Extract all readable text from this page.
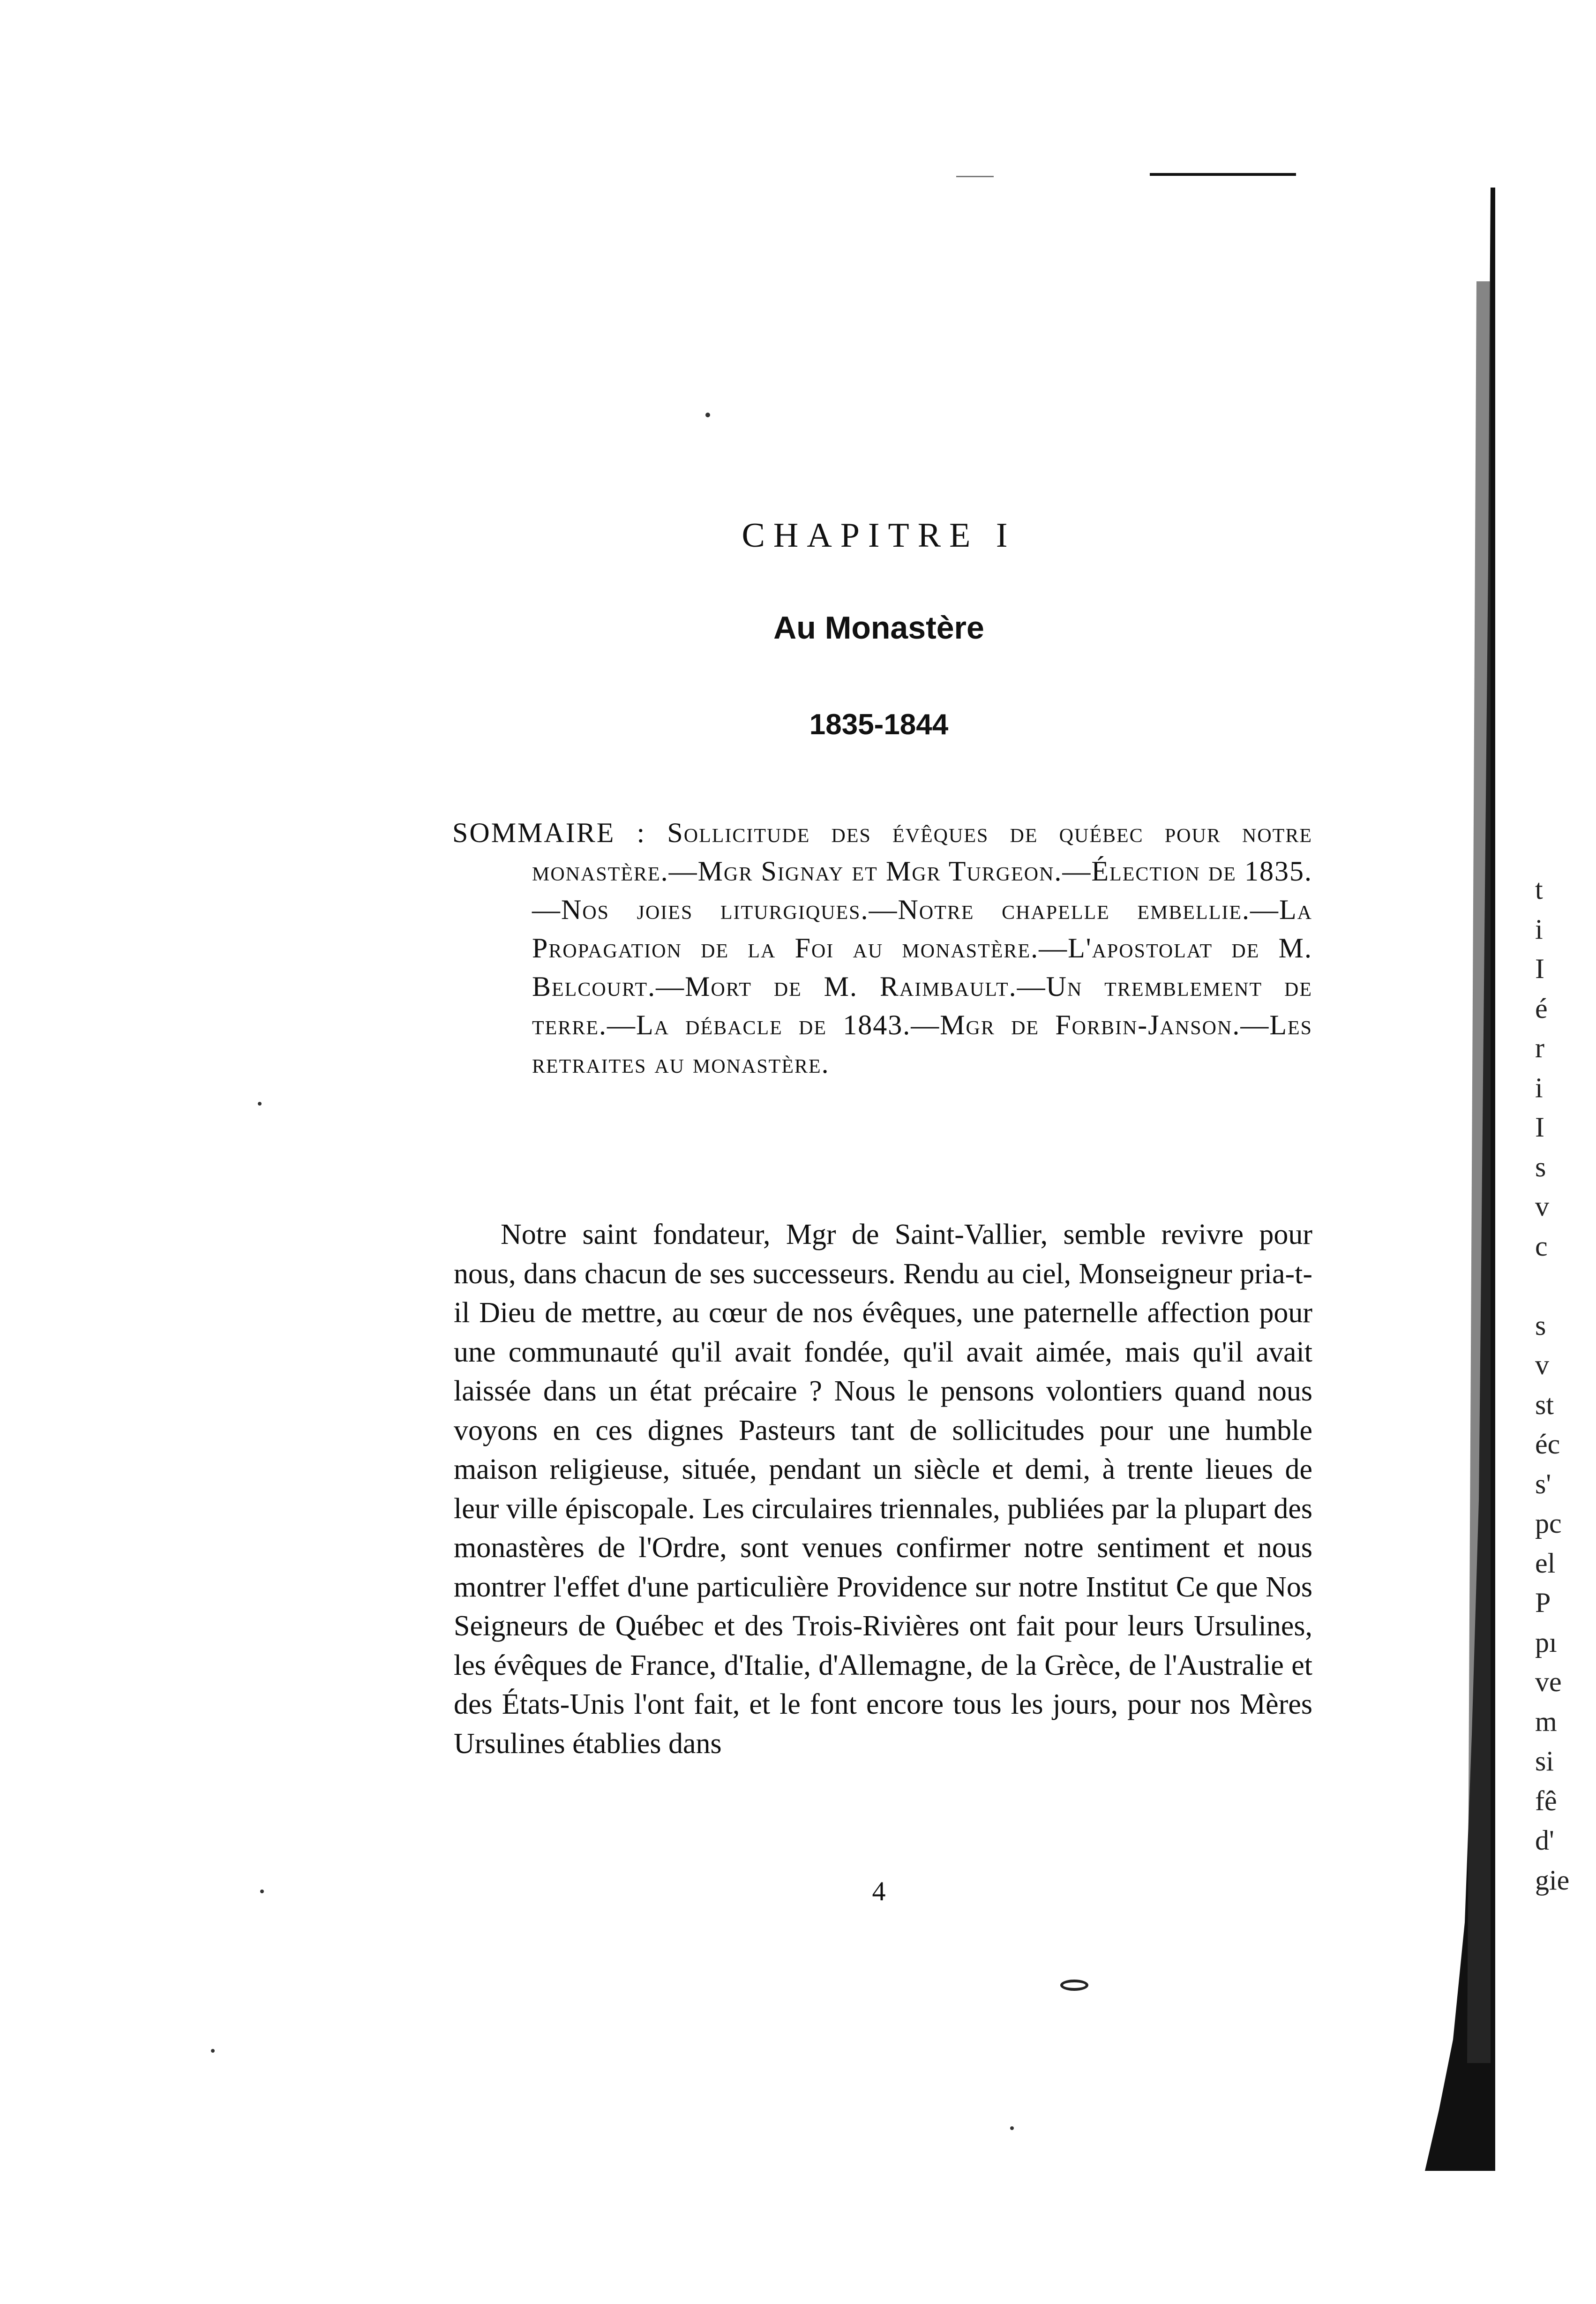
CHAPITRE I
Au Monastère
1835-1844
SOMMAIRE : Sollicitude des évêques de québec pour notre monastère.—Mgr Signay et Mgr Turgeon.—Élection de 1835.—Nos joies liturgiques.—Notre chapelle embellie.—La Propagation de la Foi au monastère.—L'apostolat de M. Belcourt.—Mort de M. Raimbault.—Un tremblement de terre.—La débacle de 1843.—Mgr de Forbin-Janson.—Les retraites au monastère.

Notre saint fondateur, Mgr de Saint-Vallier, semble revivre pour nous, dans chacun de ses successeurs. Rendu au ciel, Monseigneur pria-t-il Dieu de mettre, au cœur de nos évêques, une paternelle affection pour une communauté qu'il avait fondée, qu'il avait aimée, mais qu'il avait laissée dans un état précaire ? Nous le pensons volontiers quand nous voyons en ces dignes Pasteurs tant de sollicitudes pour une humble maison religieuse, située, pendant un siècle et demi, à trente lieues de leur ville épiscopale. Les circulaires triennales, publiées par la plupart des monastères de l'Ordre, sont venues confirmer notre sentiment et nous montrer l'effet d'une particulière Providence sur notre Institut Ce que Nos Seigneurs de Québec et des Trois-Rivières ont fait pour leurs Ursulines, les évêques de France, d'Italie, d'Allemagne, de la Grèce, de l'Australie et des États-Unis l'ont fait, et le font encore tous les jours, pour nos Mères Ursulines établies dans

4
t
i
I
é
r
i
I
s
v
c
s
v
st
éc
s'
pc
el
P
pı
ve
m
si
fê
d'
gie
